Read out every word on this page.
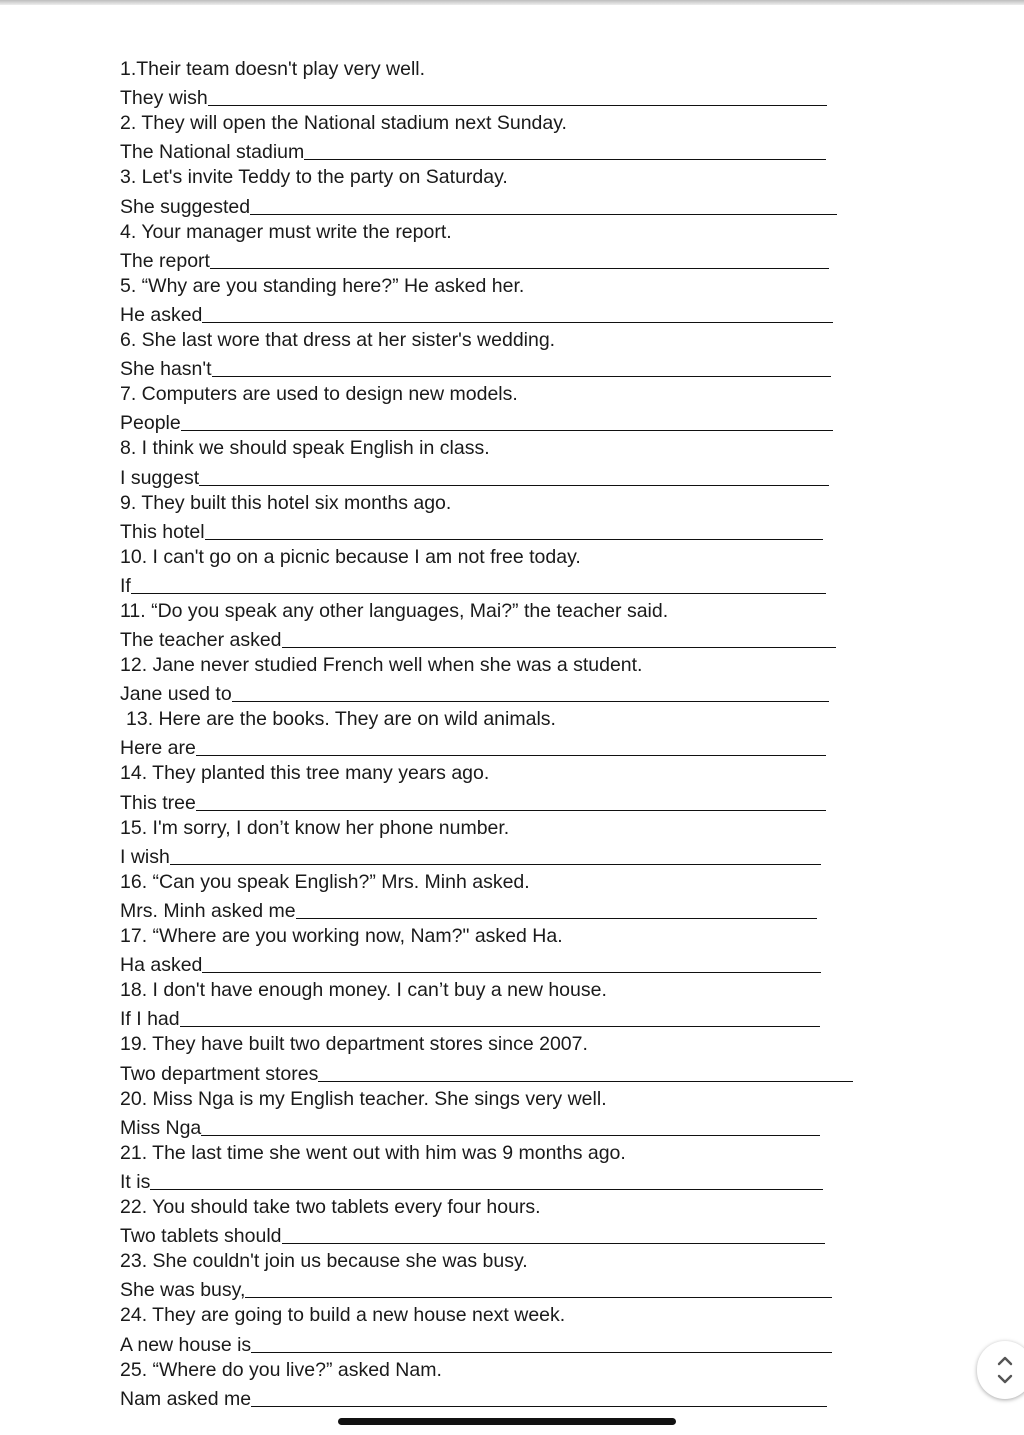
1.Their team doesn't play very well.
They wish
2. They will open the National stadium next Sunday.
The National stadium
3. Let's invite Teddy to the party on Saturday.
She suggested
4. Your manager must write the report.
The report
5. “Why are you standing here?” He asked her.
He asked
6. She last wore that dress at her sister's wedding.
She hasn't
7. Computers are used to design new models.
People
8. I think we should speak English in class.
I suggest
9. They built this hotel six months ago.
This hotel
10. I can't go on a picnic because I am not free today.
If
11. “Do you speak any other languages, Mai?” the teacher said.
The teacher asked
12. Jane never studied French well when she was a student.
Jane used to
13. Here are the books. They are on wild animals.
Here are
14. They planted this tree many years ago.
This tree
15. I'm sorry, I don’t know her phone number.
I wish
16. “Can you speak English?” Mrs. Minh asked.
Mrs. Minh asked me
17. “Where are you working now, Nam?" asked Ha.
Ha asked
18. I don't have enough money. I can’t buy a new house.
If I had
19. They have built two department stores since 2007.
Two department stores
20. Miss Nga is my English teacher. She sings very well.
Miss Nga
21. The last time she went out with him was 9 months ago.
It is
22. You should take two tablets every four hours.
Two tablets should
23. She couldn't join us because she was busy.
She was busy,
24. They are going to build a new house next week.
A new house is
25. “Where do you live?” asked Nam.
Nam asked me
